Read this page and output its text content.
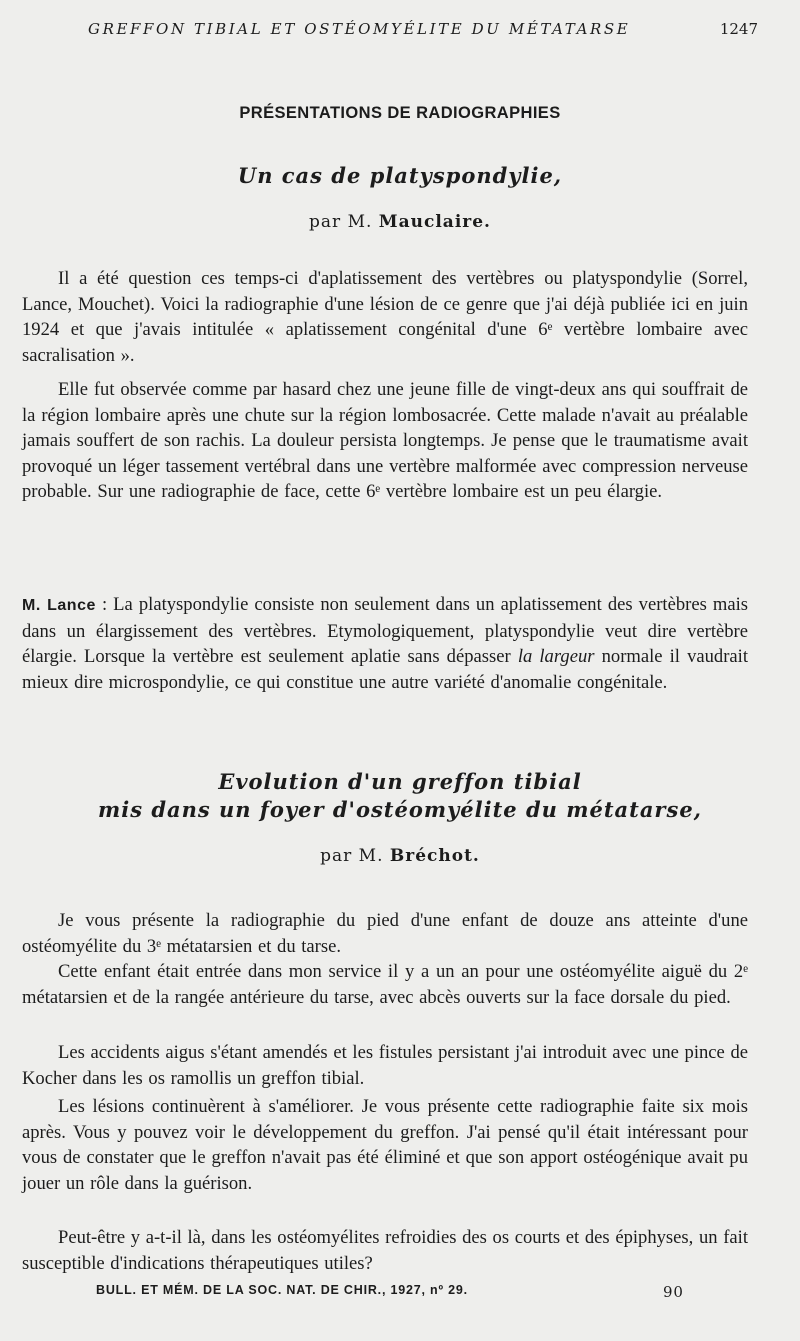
GREFFON TIBIAL ET OSTÉOMYÉLITE DU MÉTATARSE	1247
PRÉSENTATIONS DE RADIOGRAPHIES
Un cas de platyspondylie,
par M. Mauclaire.

Il a été question ces temps-ci d'aplatissement des vertèbres ou platyspondylie (Sorrel, Lance, Mouchet). Voici la radiographie d'une lésion de ce genre que j'ai déjà publiée ici en juin 1924 et que j'avais intitulée « aplatissement congénital d'une 6ᵉ vertèbre lombaire avec sacralisation ».

Elle fut observée comme par hasard chez une jeune fille de vingt-deux ans qui souffrait de la région lombaire après une chute sur la région lombosacrée. Cette malade n'avait au préalable jamais souffert de son rachis. La douleur persista longtemps. Je pense que le traumatisme avait provoqué un léger tassement vertébral dans une vertèbre malformée avec compression nerveuse probable. Sur une radiographie de face, cette 6ᵉ vertèbre lombaire est un peu élargie.

M. Lance : La platyspondylie consiste non seulement dans un aplatissement des vertèbres mais dans un élargissement des vertèbres. Etymologiquement, platyspondylie veut dire vertèbre élargie. Lorsque la vertèbre est seulement aplatie sans dépasser la largeur normale il vaudrait mieux dire microspondylie, ce qui constitue une autre variété d'anomalie congénitale.

Evolution d'un greffon tibial
mis dans un foyer d'ostéomyélite du métatarse,
par M. Bréchot.

Je vous présente la radiographie du pied d'une enfant de douze ans atteinte d'une ostéomyélite du 3ᵉ métatarsien et du tarse.

Cette enfant était entrée dans mon service il y a un an pour une ostéomyélite aiguë du 2ᵉ métatarsien et de la rangée antérieure du tarse, avec abcès ouverts sur la face dorsale du pied.

Les accidents aigus s'étant amendés et les fistules persistant j'ai introduit avec une pince de Kocher dans les os ramollis un greffon tibial.

Les lésions continuèrent à s'améliorer. Je vous présente cette radiographie faite six mois après. Vous y pouvez voir le développement du greffon. J'ai pensé qu'il était intéressant pour vous de constater que le greffon n'avait pas été éliminé et que son apport ostéogénique avait pu jouer un rôle dans la guérison.

Peut-être y a-t-il là, dans les ostéomyélites refroidies des os courts et des épiphyses, un fait susceptible d'indications thérapeutiques utiles?

BULL. ET MÉM. DE LA SOC. NAT. DE CHIR., 1927, nº 29.	90
